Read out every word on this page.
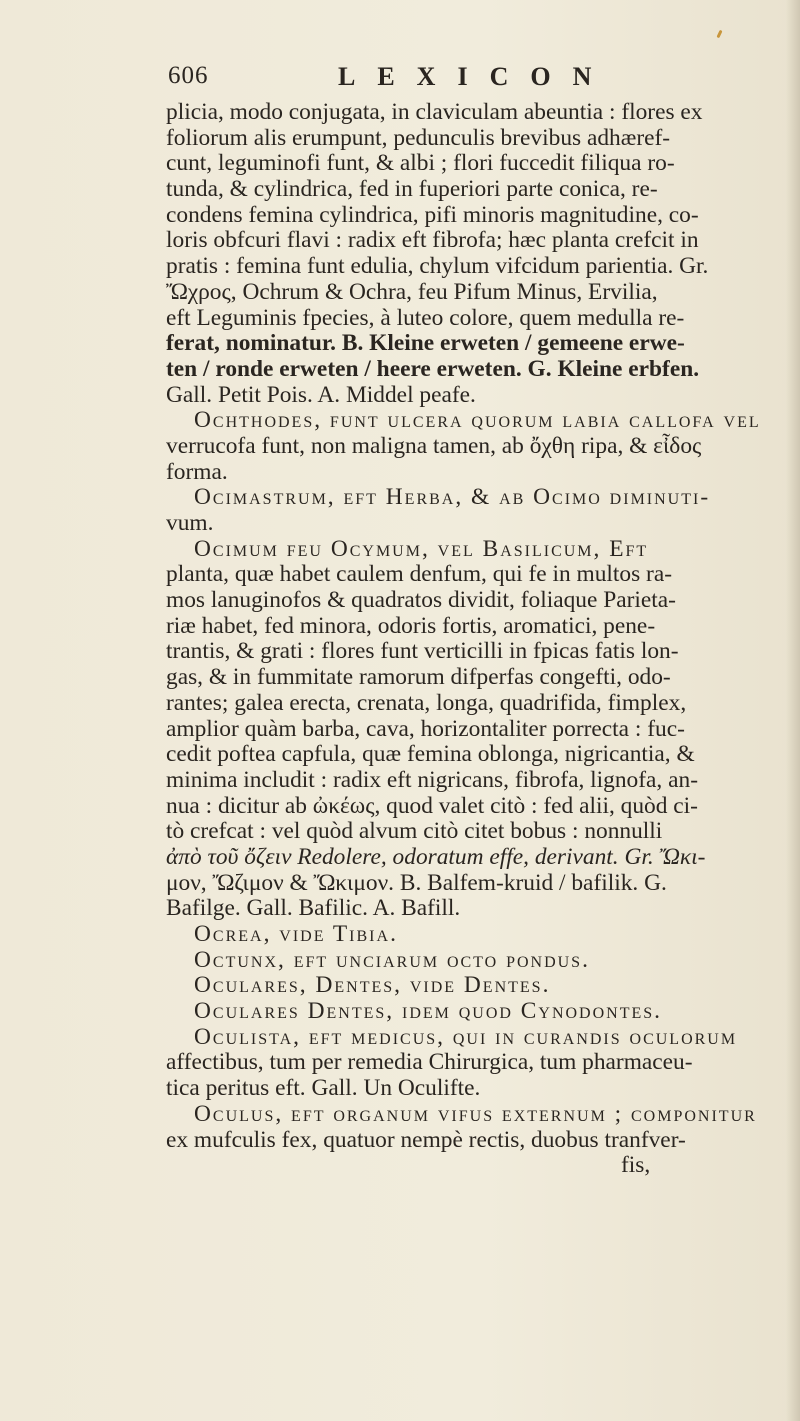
606	LEXICON
plicia, modo conjugata, in claviculam abeuntia : flores ex
foliorum alis erumpunt, pedunculis brevibus adhæref-
cunt, leguminofi funt, & albi ; flori fuccedit filiqua ro-
tunda, & cylindrica, fed in fuperiori parte conica, re-
condens femina cylindrica, pifi minoris magnitudine, co-
loris obfcuri flavi : radix eft fibrofa; hæc planta crefcit in
pratis : femina funt edulia, chylum vifcidum parientia. Gr.
Ὤχρος, Ochrum & Ochra, feu Pifum Minus, Ervilia,
eft Leguminis fpecies, à luteo colore, quem medulla re-
ferat, nominatur. B. Kleine erweten / gemeene erwe-
ten / ronde erweten / heere erweten. G. Kleine erbfen.
Gall. Petit Pois. A. Middel peafe.
Ochthodes, funt ulcera quorum labia callofa vel
verrucofa funt, non maligna tamen, ab ὄχθη ripa, & εἶδος
forma.
Ocimastrum, eft Herba, & ab Ocimo diminuti-
vum.
Ocimum feu Ocymum, vel Basilicum, Eft
planta, quæ habet caulem denfum, qui fe in multos ra-
mos lanuginofos & quadratos dividit, foliaque Parieta-
riæ habet, fed minora, odoris fortis, aromatici, pene-
trantis, & grati : flores funt verticilli in fpicas fatis lon-
gas, & in fummitate ramorum difperfas congefti, odo-
rantes; galea erecta, crenata, longa, quadrifida, fimplex,
amplior quàm barba, cava, horizontaliter porrecta : fuc-
cedit poftea capfula, quæ femina oblonga, nigricantia, &
minima includit : radix eft nigricans, fibrofa, lignofa, an-
nua : dicitur ab ὠκέως, quod valet citò : fed alii, quòd ci-
tò crefcat : vel quòd alvum citò citet bobus : nonnulli
ἀπὸ τοῦ ὄζειν Redolere, odoratum effe, derivant. Gr. Ὤκι-
μον, Ὤζιμον & Ὤκιμον. B. Balfem-kruid / bafilik. G.
Bafilge. Gall. Bafilic. A. Bafill.
Ocrea, vide Tibia.
Octunx, eft unciarum octo pondus.
Oculares, Dentes, vide Dentes.
Oculares Dentes, idem quod Cynodontes.
Oculista, eft medicus, qui in curandis oculorum
affectibus, tum per remedia Chirurgica, tum pharmaceu-
tica peritus eft. Gall. Un Oculifte.
Oculus, eft organum vifus externum ; componitur
ex mufculis fex, quatuor nempè rectis, duobus tranfver-
fis,
